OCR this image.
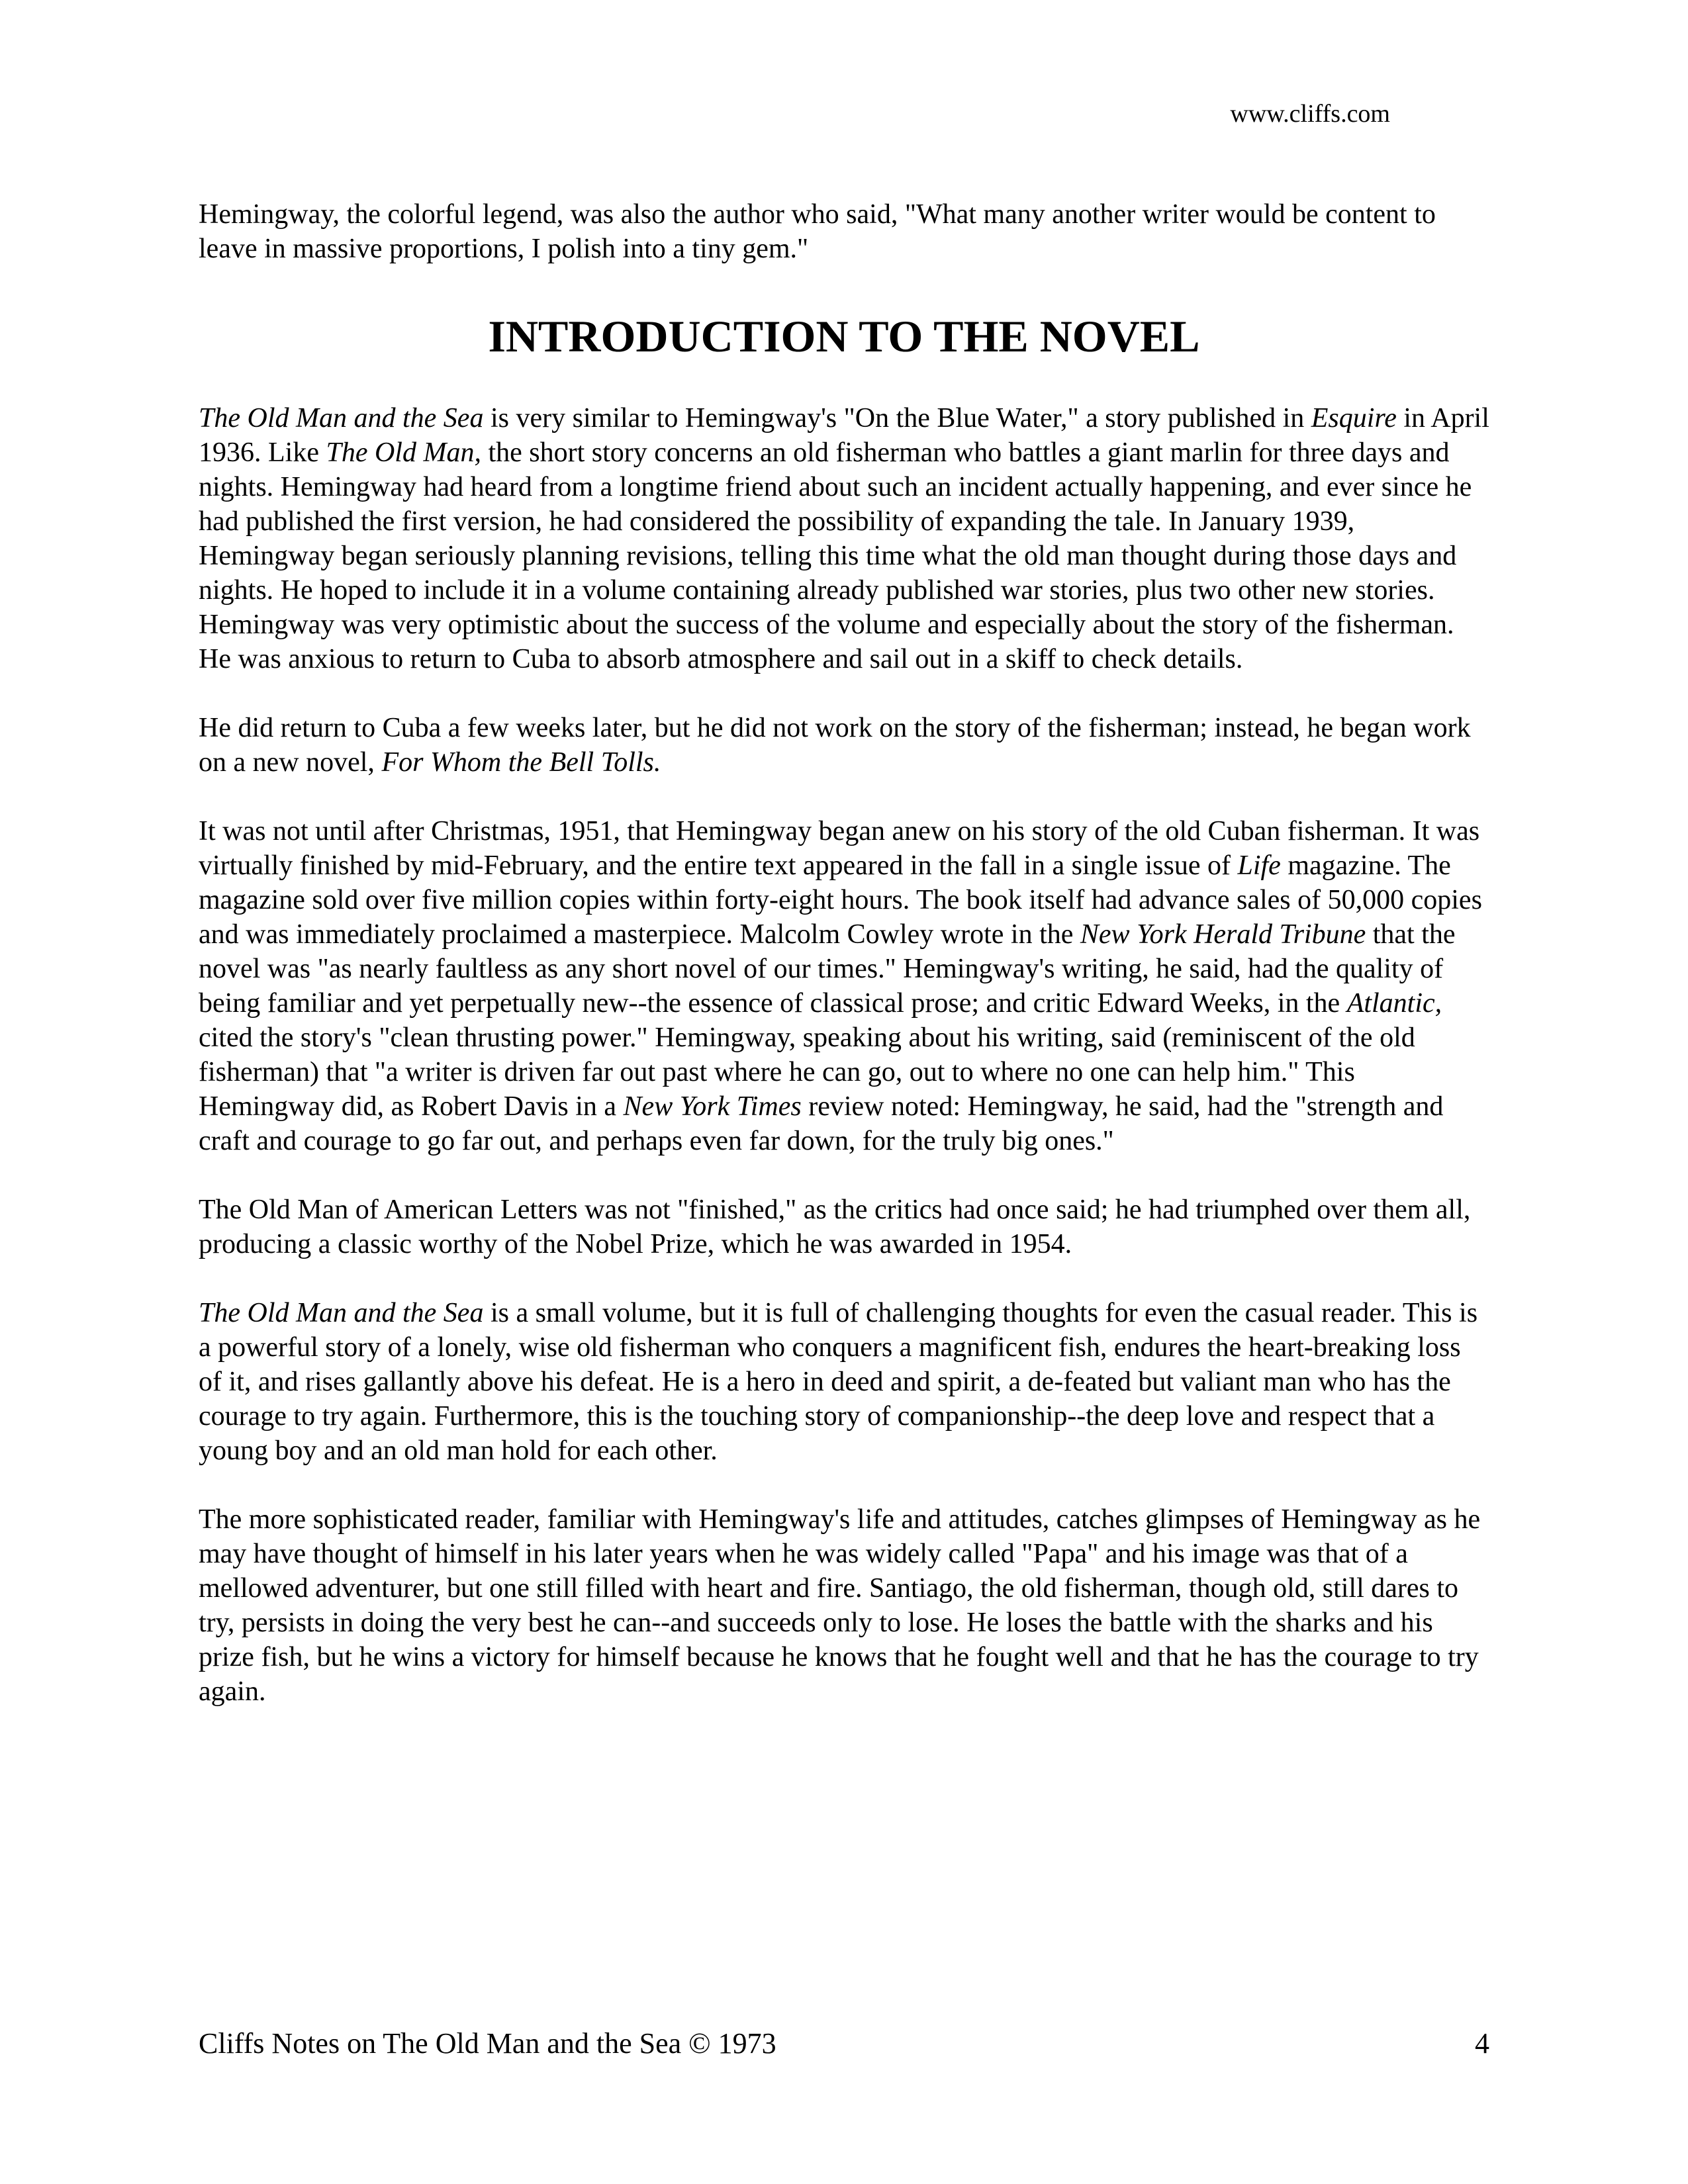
www.cliffs.com

Hemingway, the colorful legend, was also the author who said, "What many another writer would be content to leave in massive proportions, I polish into a tiny gem."

INTRODUCTION TO THE NOVEL

The Old Man and the Sea is very similar to Hemingway's "On the Blue Water," a story published in Esquire in April 1936. Like The Old Man, the short story concerns an old fisherman who battles a giant marlin for three days and nights. Hemingway had heard from a longtime friend about such an incident actually happening, and ever since he had published the first version, he had considered the possibility of expanding the tale. In January 1939, Hemingway began seriously planning revisions, telling this time what the old man thought during those days and nights. He hoped to include it in a volume containing already published war stories, plus two other new stories. Hemingway was very optimistic about the success of the volume and especially about the story of the fisherman. He was anxious to return to Cuba to absorb atmosphere and sail out in a skiff to check details.

He did return to Cuba a few weeks later, but he did not work on the story of the fisherman; instead, he began work on a new novel, For Whom the Bell Tolls.

It was not until after Christmas, 1951, that Hemingway began anew on his story of the old Cuban fisherman. It was virtually finished by mid-February, and the entire text appeared in the fall in a single issue of Life magazine. The magazine sold over five million copies within forty-eight hours. The book itself had advance sales of 50,000 copies and was immediately proclaimed a masterpiece. Malcolm Cowley wrote in the New York Herald Tribune that the novel was "as nearly faultless as any short novel of our times." Hemingway's writing, he said, had the quality of being familiar and yet perpetually new--the essence of classical prose; and critic Edward Weeks, in the Atlantic, cited the story's "clean thrusting power." Hemingway, speaking about his writing, said (reminiscent of the old fisherman) that "a writer is driven far out past where he can go, out to where no one can help him." This Hemingway did, as Robert Davis in a New York Times review noted: Hemingway, he said, had the "strength and craft and courage to go far out, and perhaps even far down, for the truly big ones."

The Old Man of American Letters was not "finished," as the critics had once said; he had triumphed over them all, producing a classic worthy of the Nobel Prize, which he was awarded in 1954.

The Old Man and the Sea is a small volume, but it is full of challenging thoughts for even the casual reader. This is a powerful story of a lonely, wise old fisherman who conquers a magnificent fish, endures the heart-breaking loss of it, and rises gallantly above his defeat. He is a hero in deed and spirit, a de-feated but valiant man who has the courage to try again. Furthermore, this is the touching story of companionship--the deep love and respect that a young boy and an old man hold for each other.

The more sophisticated reader, familiar with Hemingway's life and attitudes, catches glimpses of Hemingway as he may have thought of himself in his later years when he was widely called "Papa" and his image was that of a mellowed adventurer, but one still filled with heart and fire. Santiago, the old fisherman, though old, still dares to try, persists in doing the very best he can--and succeeds only to lose. He loses the battle with the sharks and his prize fish, but he wins a victory for himself because he knows that he fought well and that he has the courage to try again.

Cliffs Notes on The Old Man and the Sea © 1973	4
